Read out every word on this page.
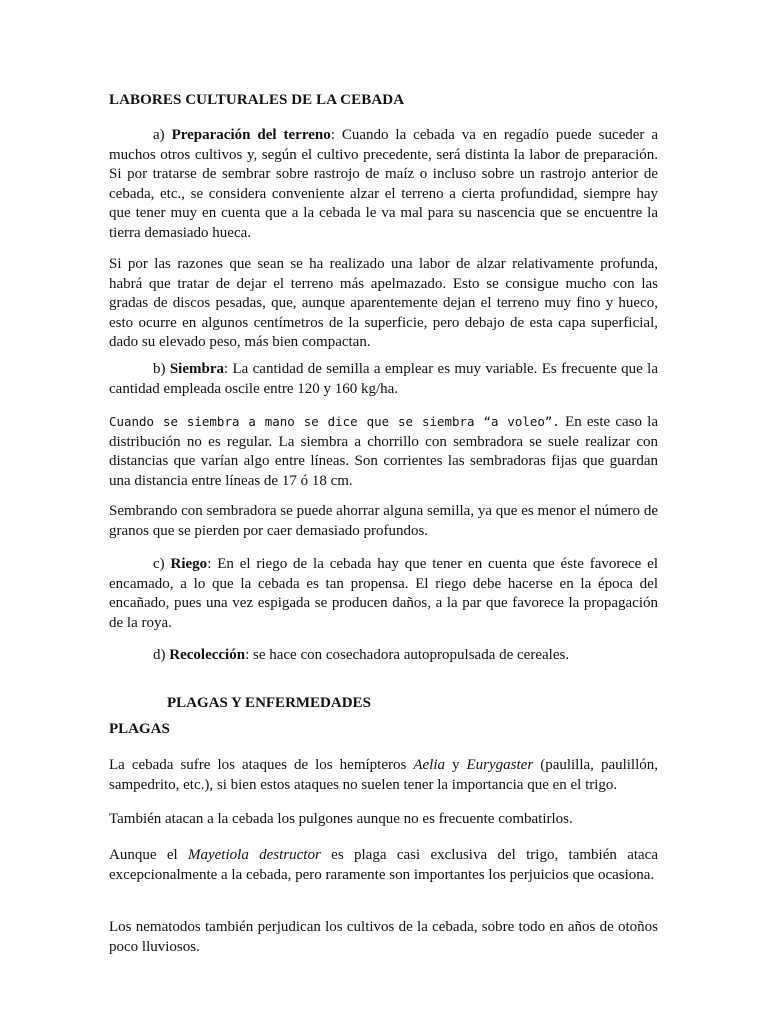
LABORES CULTURALES DE LA CEBADA

a) Preparación del terreno: Cuando la cebada va en regadío puede suceder a muchos otros cultivos y, según el cultivo precedente, será distinta la labor de preparación. Si por tratarse de sembrar sobre rastrojo de maíz o incluso sobre un rastrojo anterior de cebada, etc., se considera conveniente alzar el terreno a cierta profundidad, siempre hay que tener muy en cuenta que a la cebada le va mal para su nascencia que se encuentre la tierra demasiado hueca.

Si por las razones que sean se ha realizado una labor de alzar relativamente profunda, habrá que tratar de dejar el terreno más apelmazado. Esto se consigue mucho con las gradas de discos pesadas, que, aunque aparentemente dejan el terreno muy fino y hueco, esto ocurre en algunos centímetros de la superficie, pero debajo de esta capa superficial, dado su elevado peso, más bien compactan.

b) Siembra: La cantidad de semilla a emplear es muy variable. Es frecuente que la cantidad empleada oscile entre 120 y 160 kg/ha.

Cuando se siembra a mano se dice que se siembra “a voleo”. En este caso la distribución no es regular. La siembra a chorrillo con sembradora se suele realizar con distancias que varían algo entre líneas. Son corrientes las sembradoras fijas que guardan una distancia entre líneas de 17 ó 18 cm.

Sembrando con sembradora se puede ahorrar alguna semilla, ya que es menor el número de granos que se pierden por caer demasiado profundos.

c) Riego: En el riego de la cebada hay que tener en cuenta que éste favorece el encamado, a lo que la cebada es tan propensa. El riego debe hacerse en la época del encañado, pues una vez espigada se producen daños, a la par que favorece la propagación de la roya.

d) Recolección: se hace con cosechadora autopropulsada de cereales.

PLAGAS Y ENFERMEDADES
PLAGAS

La cebada sufre los ataques de los hemípteros Aelia y Eurygaster (paulilla, paulillón, sampedrito, etc.), si bien estos ataques no suelen tener la importancia que en el trigo.

También atacan a la cebada los pulgones aunque no es frecuente combatirlos.

Aunque el Mayetiola destructor es plaga casi exclusiva del trigo, también ataca excepcionalmente a la cebada, pero raramente son importantes los perjuicios que ocasiona.

Los nematodos también perjudican los cultivos de la cebada, sobre todo en años de otoños poco lluviosos.
